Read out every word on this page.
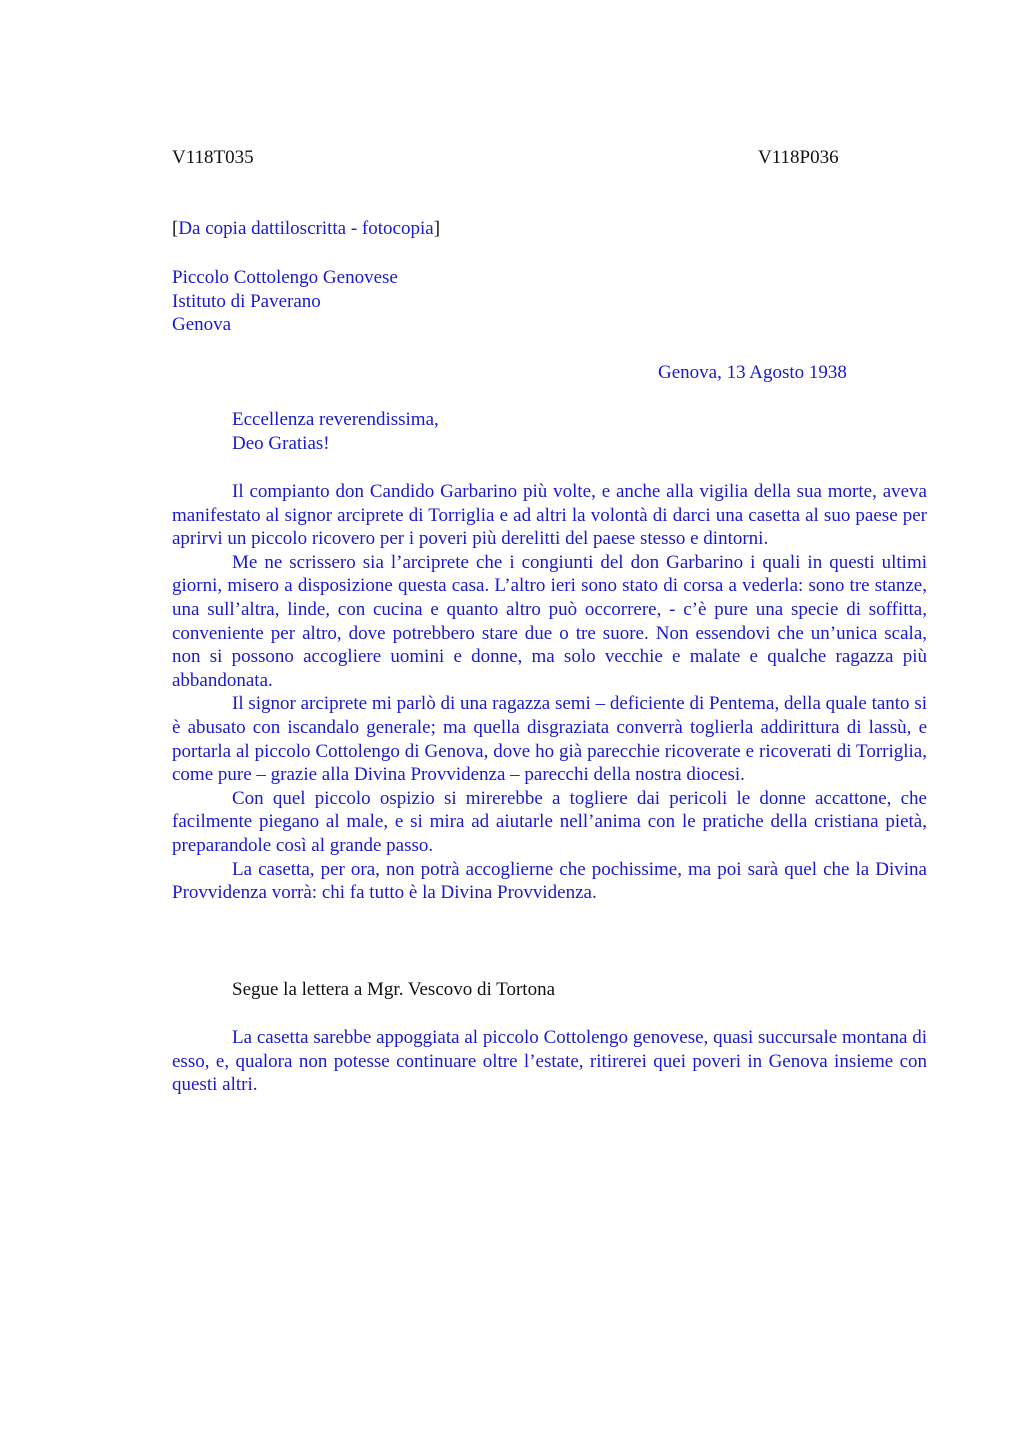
V118T035	V118P036
[Da copia dattiloscritta - fotocopia]
Piccolo Cottolengo Genovese
Istituto di Paverano
Genova
Genova, 13 Agosto 1938
Eccellenza reverendissima,
Deo Gratias!

Il compianto don Candido Garbarino più volte, e anche alla vigilia della sua morte, aveva manifestato al signor arciprete di Torriglia e ad altri la volontà di darci una casetta al suo paese per aprirvi un piccolo ricovero per i poveri più derelitti del paese stesso e dintorni.

Me ne scrissero sia l’arciprete che i congiunti del don Garbarino i quali in questi ultimi giorni, misero a disposizione questa casa. L’altro ieri sono stato di corsa a vederla: sono tre stanze, una sull’altra, linde, con cucina e quanto altro può occorrere, - c’è pure una specie di soffitta, conveniente per altro, dove potrebbero stare due o tre suore. Non essendovi che un’unica scala, non si possono accogliere uomini e donne, ma solo vecchie e malate e qualche ragazza più abbandonata.

Il signor arciprete mi parlò di una ragazza semi – deficiente di Pentema, della quale tanto si è abusato con iscandalo generale; ma quella disgraziata converrà toglierla addirittura di lassù, e portarla al piccolo Cottolengo di Genova, dove ho già parecchie ricoverate e ricoverati di Torriglia, come pure – grazie alla Divina Provvidenza – parecchi della nostra diocesi.

Con quel piccolo ospizio si mirerebbe a togliere dai pericoli le donne accattone, che facilmente piegano al male, e si mira ad aiutarle nell’anima con le pratiche della cristiana pietà, preparandole così al grande passo.

La casetta, per ora, non potrà accoglierne che pochissime, ma poi sarà quel che la Divina Provvidenza vorrà: chi fa tutto è la Divina Provvidenza.

Segue la lettera a Mgr. Vescovo di Tortona

La casetta sarebbe appoggiata al piccolo Cottolengo genovese, quasi succursale montana di esso, e, qualora non potesse continuare oltre l’estate, ritirerei quei poveri in Genova insieme con questi altri.
